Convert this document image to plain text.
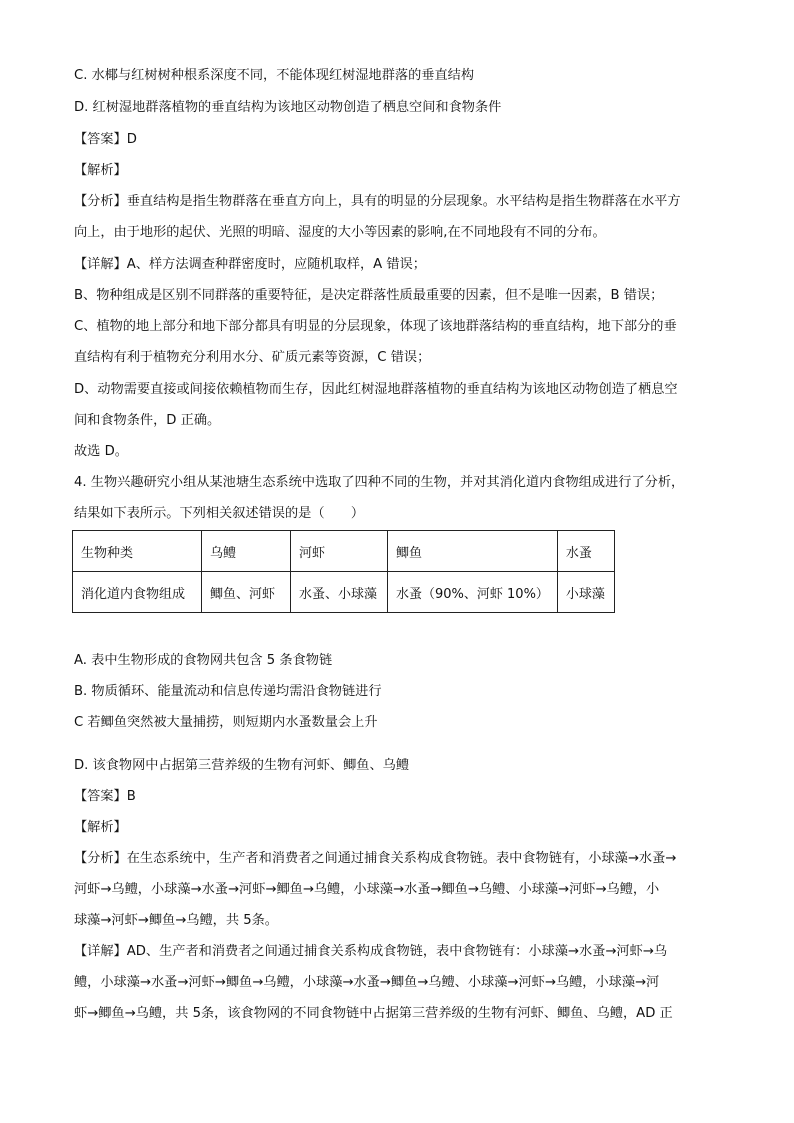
C. 水椰与红树树种根系深度不同，不能体现红树湿地群落的垂直结构
D. 红树湿地群落植物的垂直结构为该地区动物创造了栖息空间和食物条件
【答案】D
【解析】
【分析】垂直结构是指生物群落在垂直方向上，具有的明显的分层现象。水平结构是指生物群落在水平方
向上，由于地形的起伏、光照的明暗、湿度的大小等因素的影响,在不同地段有不同的分布。
【详解】A、样方法调查种群密度时，应随机取样，A 错误；
B、物种组成是区别不同群落的重要特征，是决定群落性质最重要的因素，但不是唯一因素，B 错误；
C、植物的地上部分和地下部分都具有明显的分层现象，体现了该地群落结构的垂直结构，地下部分的垂
直结构有利于植物充分利用水分、矿质元素等资源，C 错误；
D、动物需要直接或间接依赖植物而生存，因此红树湿地群落植物的垂直结构为该地区动物创造了栖息空
间和食物条件，D 正确。
故选 D。
4. 生物兴趣研究小组从某池塘生态系统中选取了四种不同的生物，并对其消化道内食物组成进行了分析，
结果如下表所示。下列相关叙述错误的是（　　）
生物种类	乌鳢	河虾	鲫鱼	水蚤
消化道内食物组成	鲫鱼、河虾	水蚤、小球藻	水蚤（90%、河虾 10%）	小球藻
A. 表中生物形成的食物网共包含 5 条食物链
B. 物质循环、能量流动和信息传递均需沿食物链进行
C 若鲫鱼突然被大量捕捞，则短期内水蚤数量会上升
D. 该食物网中占据第三营养级的生物有河虾、鲫鱼、乌鳢
【答案】B
【解析】
【分析】在生态系统中，生产者和消费者之间通过捕食关系构成食物链。表中食物链有，小球藻→水蚤→
河虾→乌鳢，小球藻→水蚤→河虾→鲫鱼→乌鳢，小球藻→水蚤→鲫鱼→乌鳢、小球藻→河虾→乌鳢，小
球藻→河虾→鲫鱼→乌鳢，共 5条。
【详解】AD、生产者和消费者之间通过捕食关系构成食物链，表中食物链有：小球藻→水蚤→河虾→乌
鳢，小球藻→水蚤→河虾→鲫鱼→乌鳢，小球藻→水蚤→鲫鱼→乌鳢、小球藻→河虾→乌鳢，小球藻→河
虾→鲫鱼→乌鳢，共 5条，该食物网的不同食物链中占据第三营养级的生物有河虾、鲫鱼、乌鳢，AD 正
